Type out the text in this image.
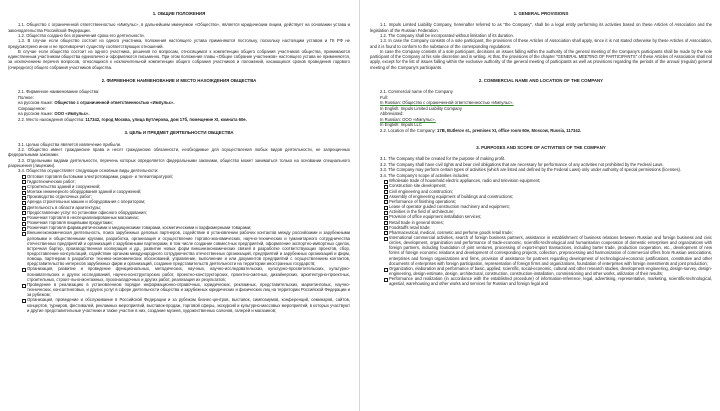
1. ОБЩИЕ ПОЛОЖЕНИЯ

1.1. Общество с ограниченной ответственностью «Импульс», в дальнейшем именуемое «Общество», является юридическим лицем, действует на основании устава и законодательства Российской Федерации.

1.2. Общество создано без ограничения срока его деятельности.

1.3. В случае если общество состоит из одного участника, положения настоящего устава применяются постольку, поскольку настоящим уставом и ГК РФ не предусмотрено иное и не противоречит существу соответствующих отношений.

В случае если общество состоит из одного участника, решения по вопросам, относящимся к компетенции общего собрания участников общества, принимаются единственным участником общества единолично и оформляются письменно. При этом положения главы «Общее собрание участников» настоящего устава не применяются, за исключением перечня вопросов, относящихся к исключительной компетенции общего собрания участников и положений, касающихся сроков проведения годового (очередного) общего собрания участников общества.

2. ФИРМЕННОЕ НАИМЕНОВАНИЕ И МЕСТО НАХОЖДЕНИЯ ОБЩЕСТВА

2.1. Фирменное наименование общества:

Полное:

на русском языке: Общество с ограниченной ответственностью «Импульс».

Сокращенное:

на русском языке: ООО «Импульс».

2.2. Место нахождения общества: 117342, город Москва, улица Бутлерова, дом 17б, помещение XI, комната 60е.

3. ЦЕЛЬ И ПРЕДМЕТ ДЕЯТЕЛЬНОСТИ ОБЩЕСТВА

3.1. Целью общества является извлечение прибыли.

3.2. Общество имеет гражданские права и несет гражданские обязанности, необходимые для осуществления любых видов деятельности, не запрещенных федеральными законами.

3.3. Отдельными видами деятельности, перечень которых определяется федеральными законами, общество может заниматься только на основании специального разрешения (лицензии).

3.4. Общество осуществляет следующие основные виды деятельности:

Оптовая торговля бытовыми электротоварами, радио- и телеаппаратурой;
Гидротехнических работ;
Строительство зданий и сооружений;
Монтаж инженерного оборудования зданий и сооружений;
Производство отделочных работ;
Аренда строительных машин и оборудования с оператором;
Деятельность в области архитектуры;
Предоставление услуг по установке офисного оборудования;
Розничная торговля в неспециализированных магазинах;
Розничная торговля пищевыми продуктами;
Розничная торговля фармацевтическими и медицинскими товарами, косметическими и парфюмерными товарами;
Внешнеэкономическая деятельность, поиск зарубежных деловых партнеров, содействие в установлении рабочих контактов между российскими и зарубежными деловыми и общественными кругами, разработка, организация и осуществление торгово-экономических, научно-технических и гуманитарного сотрудничества отечественных предприятий и организаций с зарубежными партнерами, в том числе создание совместных предприятий, оформление экспортно-импортных сделок, встречная бартер, производственная кооперация и др., развитие новых форм внешнеэкономических связей в разработке соответствующих проектов, сбор, предоставление консультаций, содействие органам международного сотрудничества отечественных организаций, предприятий и зарубежных организаций и фирм, помощь партнерам в разработке технико-экономических обоснований, управление, выполнение и или документов предприятий с осуществлением контактов, представительство интересов зарубежных фирм и организаций, создание представительств деятельности на территории иностранных государств;
Организация, развитие и проведение функциональных, методических, научных, научно-исследовательских, культурно-просветительских, культурно-познавательских и других исследований, научно-конструкторских работ, проектно-конструкторских, проектно-сметных, дизайнерских, архитектурно-проектных, строительных, строит-льно-монтажных, пусконаладочных и других работ, реализация их результатов;
Проведение в реализацию в установленном порядке информационно-справочных, юридических, рекламных, представительских, маркетинговых, научно-технических, консалтинговых, и других услуг в сфере деятельности общества и зарубежных юридических и физических лиц на территории Российской Федерации и за рубежом;
Организация, проведение и обслуживание в Российской Федерации и за рубежом бизнес-центров, выставок, симпозиумов, конференций, семинаров, сайтов, концертов, турниров, фестивалей, рекламных мероприятий, выставок-продаж, торговой сферы, экскурсий и культурно-массовых мероприятий, в которых участвуют и другие представительные участники и также участие в них, создание музеев, художественных салонов, галерей и магазинов;
1. GENERAL PROVISIONS

1.1. Impuls Limited Liability Company, hereinafter referred to as "the Company", shall be a legal entity performing its activities based on these Articles of Association and the legislation of the Russian Federation.

1.2. The Company shall be incorporated without limitation of its duration.

1.3. In case the Company consists of a sole participant, the provisions of these Articles of Association shall apply, since it is not stated otherwise by these Articles of Association, and it is found to conform to the substance of the corresponding regulations.

In case the Company consists of a sole participant, decisions on issues falling within the authority of the general meeting of the Company's participants shall be made by the sole participant of the Company at his sole discretion and in writing. At that, the provisions of the chapter "GENERAL MEETING OF PARTICIPANTS" of these Articles of Association shall not apply, except for the list of issues falling within the exclusive authority of the general meeting of participants as well as provisions regarding the periods of the annual (regular) general meeting of the Company's participants.

2. COMMERCIAL NAME AND LOCATION OF THE COMPANY

2.1. Commercial name of the Company

Full:

In Russian: Общество с ограниченной ответственностью «Импульс».

In English: Impuls Limited Liability Company

Abbreviated:

In Russian: ООО «Импульс».

In English: Impuls LLC

2.2. Location of the Company: 17B, Butlerov st., premises XI, office room 60e, Moscow, Russia, 117342.

3. PURPOSES AND SCOPE OF ACTIVITIES OF THE COMPANY

3.1. The Company shall be created for the purpose of making profit.

3.2. The Company shall have civil rights and bear civil obligations that are necessary for performance of any activities not prohibited by the Federal Laws.

3.3. The Company may perform certain types of activities (which are listed and defined by the Federal Laws) only under authority of special permissions (licenses).

3.4. The Company's scope of activities includes:

Wholesale trade of household electric appliances, radio and television equipment;
Construction site development;
Civil engineering and construction;
Assembly of engineering equipment of buildings and constructions;
Performance of finishing operations;
Lease of operator guided construction machinery and equipment;
Activities in the field of architecture;
Provision of office equipment installation services;
Retail trade in general stores;
Foodstuffs retail trade;
Pharmaceutical, medical, cosmetic and perfume goods retail trade;
International commercial activities, search of foreign business partners, assistance in establishment of business relations between Russian and foreign business and civic circles, development, organization and performance of trade-economic, scientific-technological and humanitarian cooperation of domestic enterprises and organizations with foreign partners, including foundation of joint ventures, processing of export-import transactions, including barter trade, production cooperation, etc., development of new forms of foreign economic relations and development of corresponding projects, collection, preprocessing and harmonization of commercial offers from Russian associations, enterprises and foreign organizations and firms, provision of assistance for partners regarding development of technological-economic justifications, constitutive and other documents of enterprises with foreign participation, representation of foreign firms and organizations, foundation of enterprises with foreign investments and joint production;
Organization, elaboration and performance of basic, applied, scientific, social-economic, cultural and other research studies, development-engineering, design-survey, design-engineering, design-estimate, design, architectural, construction, construction-installation, commissioning and other works, utilization of their results;
Performance and realization (in accordance with the established procedure) of information-reference, legal, advertising, representative, marketing, scientific-technological, agential, warehousing and other works and services for Russian and foreign legal and
